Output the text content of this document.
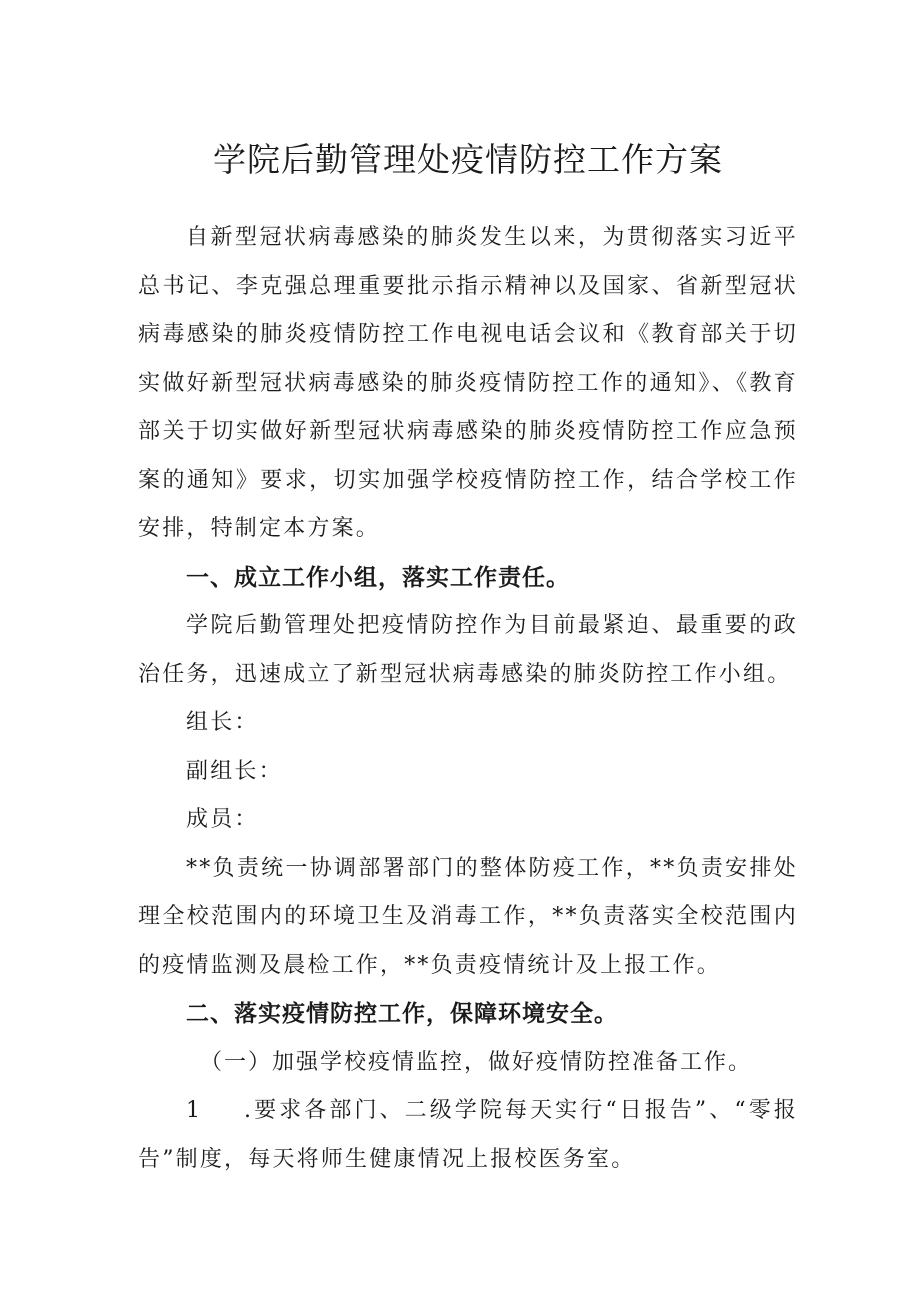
学院后勤管理处疫情防控工作方案

自新型冠状病毒感染的肺炎发生以来，为贯彻落实习近平总书记、李克强总理重要批示指示精神以及国家、省新型冠状病毒感染的肺炎疫情防控工作电视电话会议和《教育部关于切实做好新型冠状病毒感染的肺炎疫情防控工作的通知》、《教育部关于切实做好新型冠状病毒感染的肺炎疫情防控工作应急预案的通知》要求，切实加强学校疫情防控工作，结合学校工作安排，特制定本方案。

一、成立工作小组，落实工作责任。

学院后勤管理处把疫情防控作为目前最紧迫、最重要的政治任务，迅速成立了新型冠状病毒感染的肺炎防控工作小组。

组长：

副组长：

成员：

**负责统一协调部署部门的整体防疫工作，**负责安排处理全校范围内的环境卫生及消毒工作，**负责落实全校范围内的疫情监测及晨检工作，**负责疫情统计及上报工作。

二、落实疫情防控工作，保障环境安全。

（一）加强学校疫情监控，做好疫情防控准备工作。

1 .要求各部门、二级学院每天实行“日报告”、“零报告”制度，每天将师生健康情况上报校医务室。
